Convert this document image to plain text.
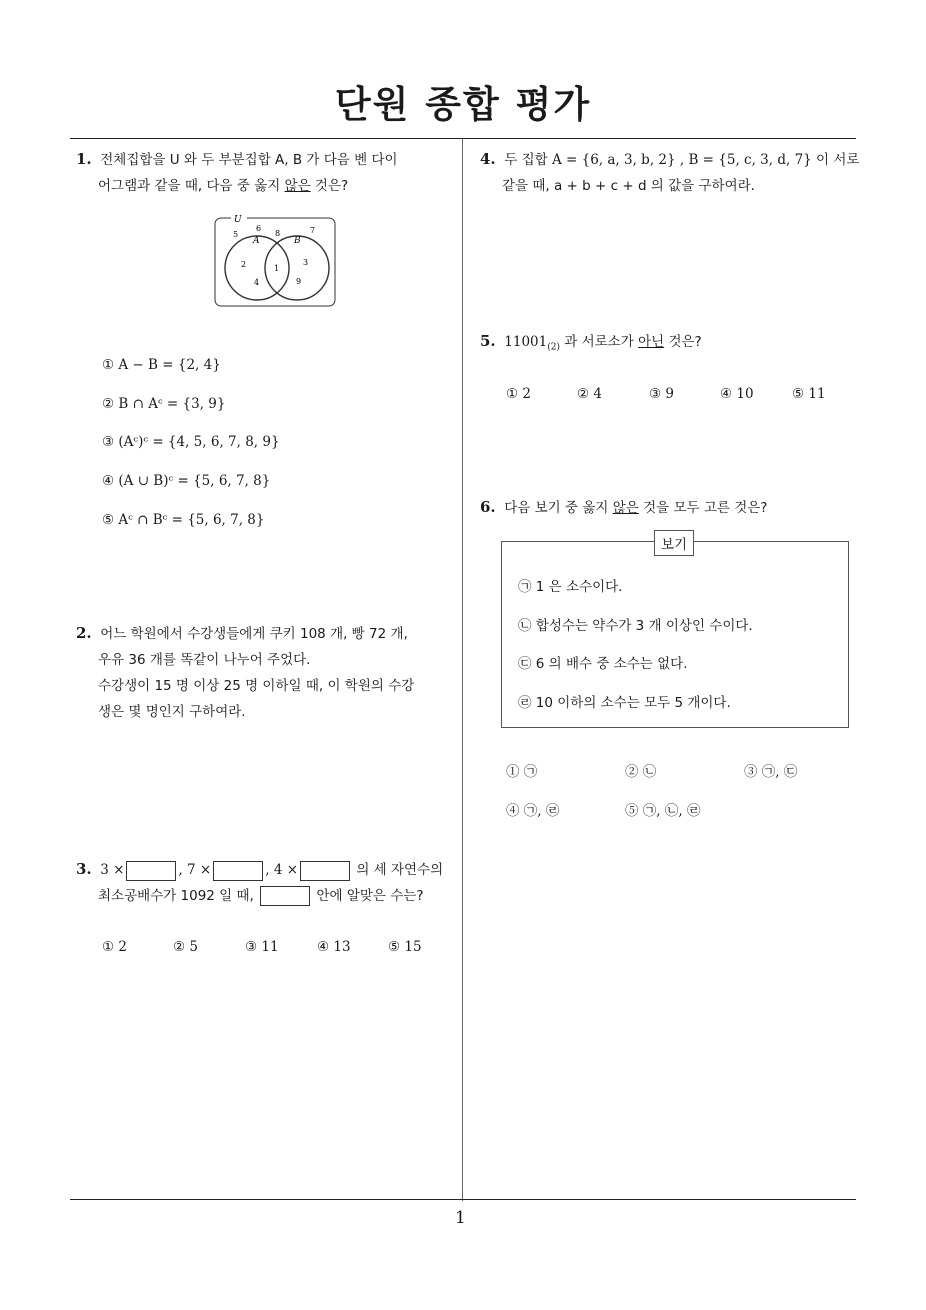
단원 종합 평가
1
1. 전체집합을 U 와 두 부분집합 A, B 가 다음 벤 다이
어그램과 같을 때, 다음 중 옳지 않은 것은?
U
A	B
5
6
8	7
2
4
1
3
9
① A − B = {2, 4}
② B ∩ Aᶜ = {3, 9}
③ (Aᶜ)ᶜ = {4, 5, 6, 7, 8, 9}
④ (A ∪ B)ᶜ = {5, 6, 7, 8}
⑤ Aᶜ ∩ Bᶜ = {5, 6, 7, 8}
2. 어느 학원에서 수강생들에게 쿠키 108 개, 빵 72 개,
우유 36 개를 똑같이 나누어 주었다.
수강생이 15 명 이상 25 명 이하일 때, 이 학원의 수강
생은 몇 명인지 구하여라.
3. 3 ×	, 7 ×	, 4 ×	의 세 자연수의
최소공배수가 1092 일 때,	안에 알맞은 수는?
① 2	② 5	③ 11	④ 13	⑤ 15
4. 두 집합 A = {6, a, 3, b, 2} , B = {5, c, 3, d, 7} 이 서로
같을 때, a + b + c + d 의 값을 구하여라.
5. $11001_{(2)}$ 과 서로소가 아닌 것은?
① 2	② 4	③ 9	④ 10	⑤ 11
6. 다음 보기 중 옳지 않은 것을 모두 고른 것은?
보기
㉠ 1 은 소수이다.
㉡ 합성수는 약수가 3 개 이상인 수이다.
㉢ 6 의 배수 중 소수는 없다.
㉣ 10 이하의 소수는 모두 5 개이다.
① ㉠	② ㉡	③ ㉠, ㉢
④ ㉠, ㉣	⑤ ㉠, ㉡, ㉣
